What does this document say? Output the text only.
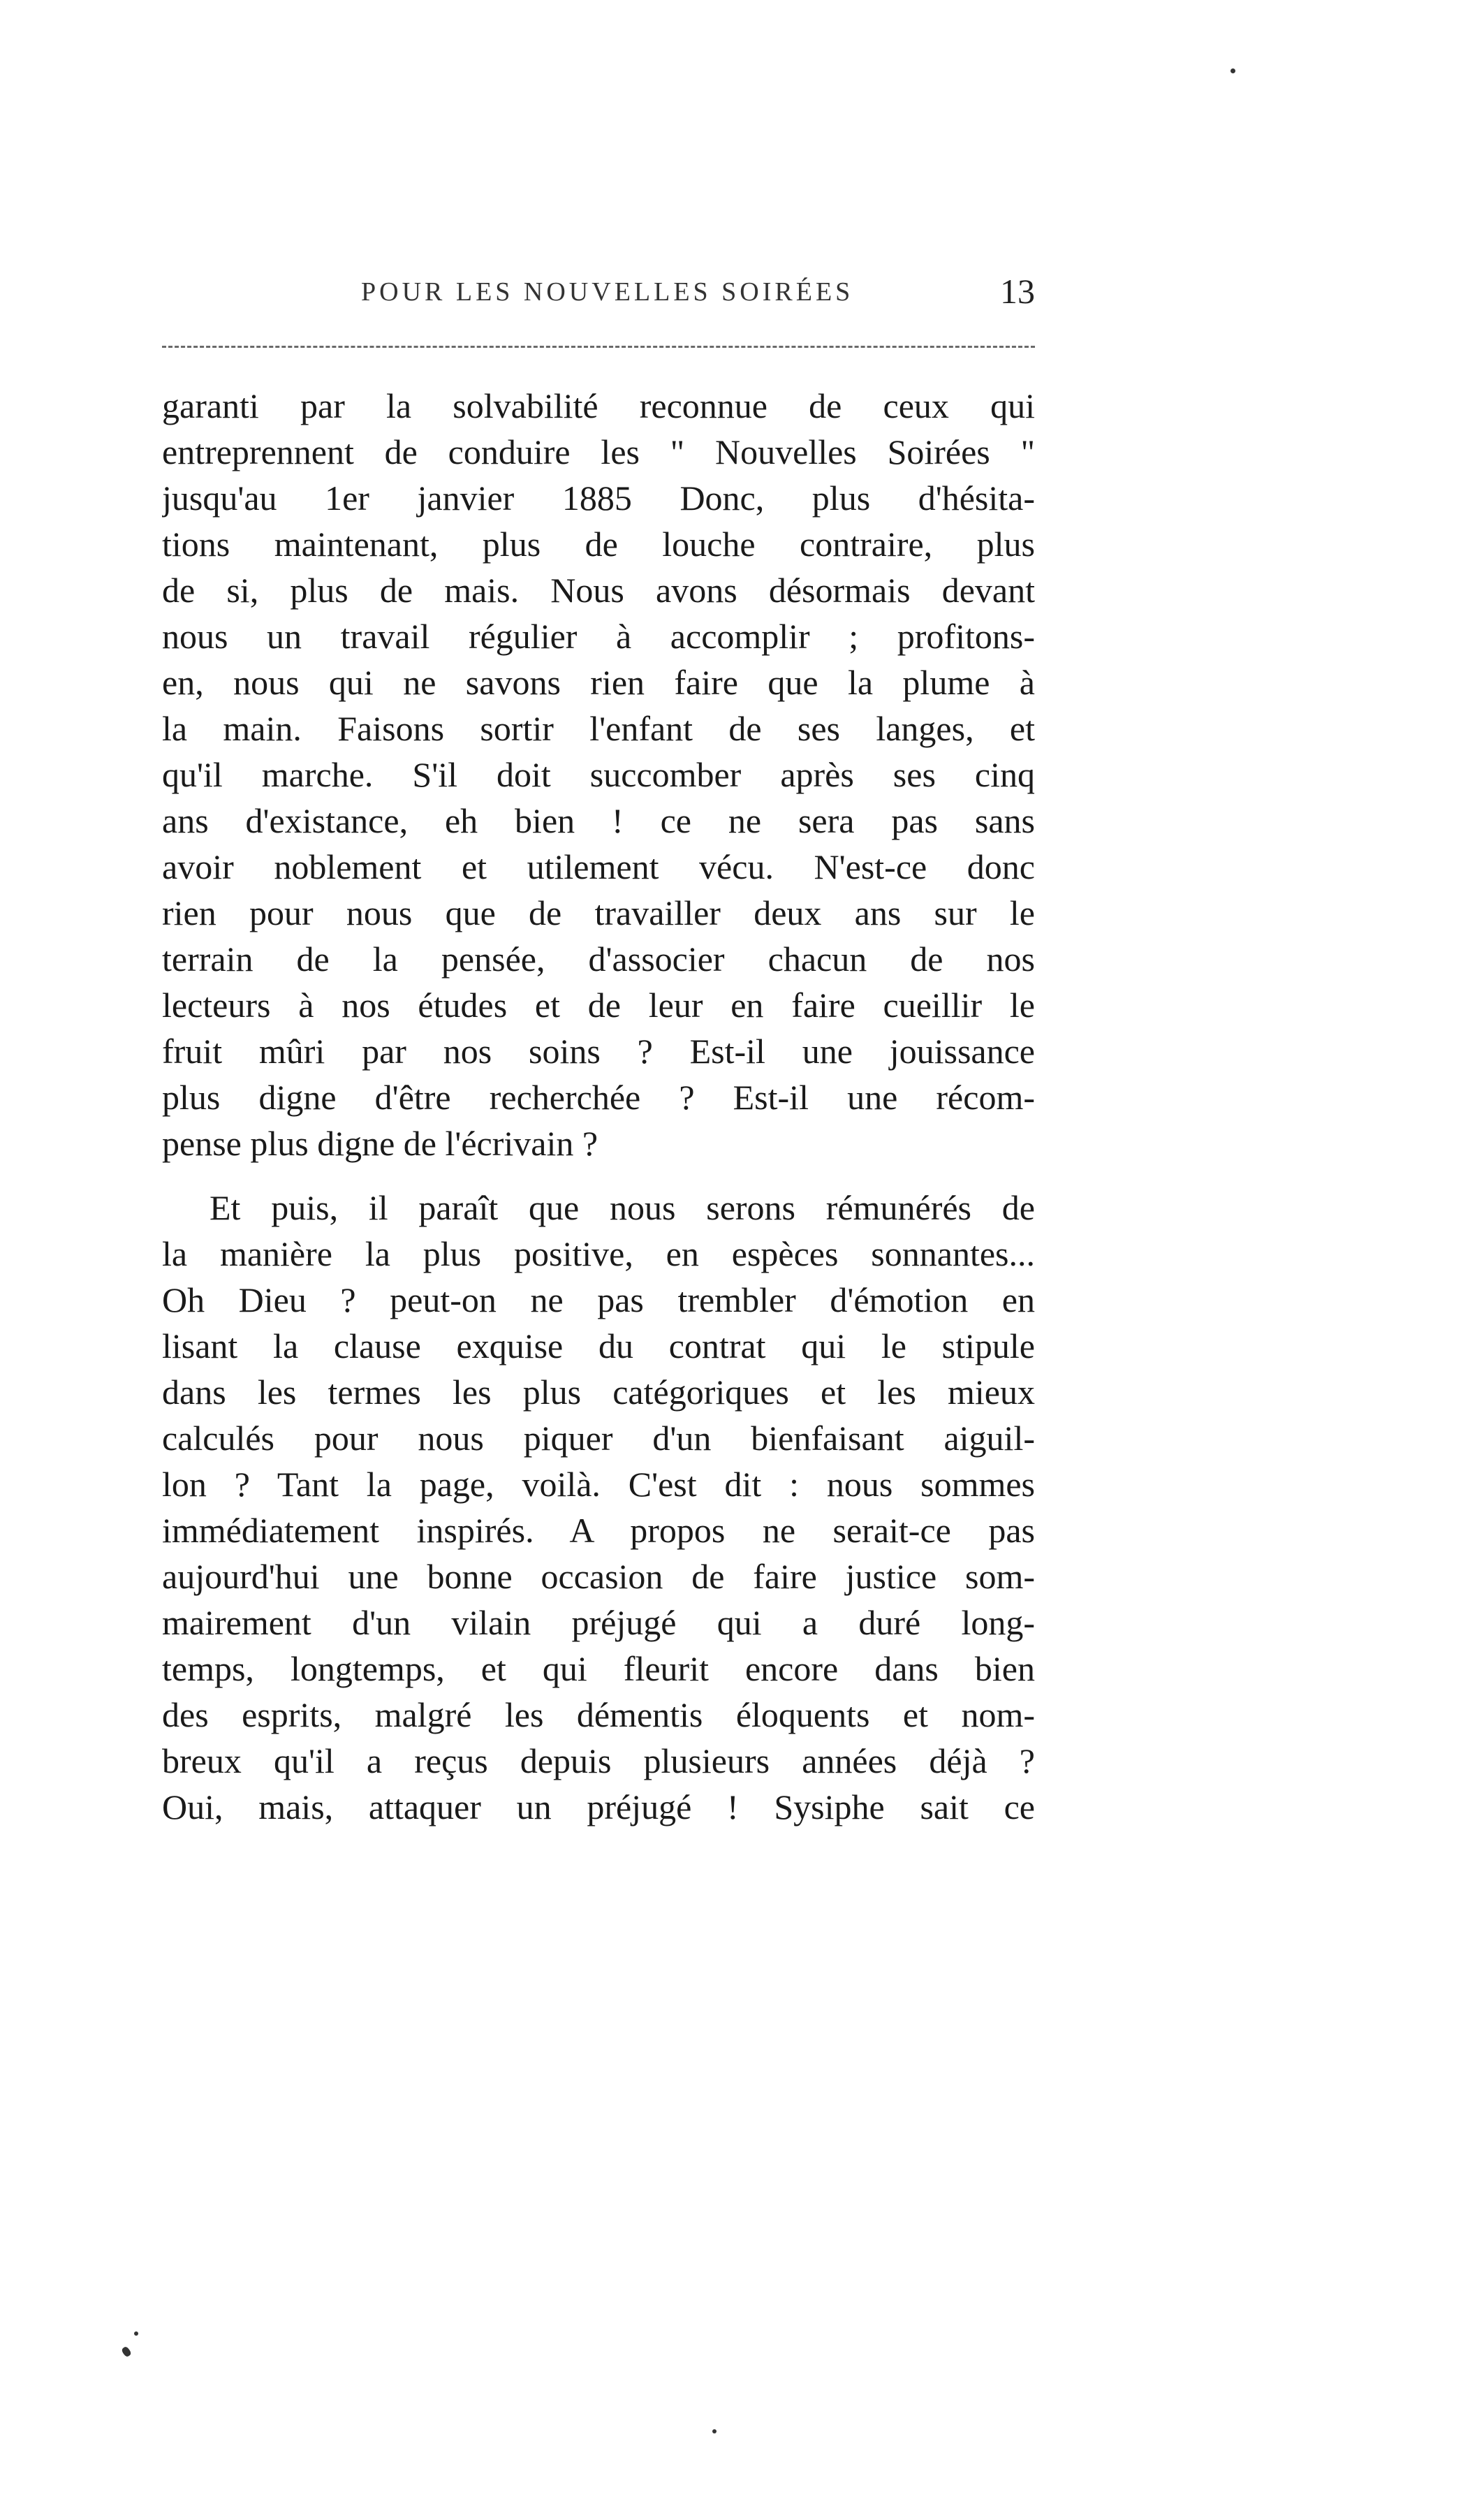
POUR LES NOUVELLES SOIRÉES	13
garanti par la solvabilité reconnue de ceux qui
entreprennent de conduire les " Nouvelles Soirées "
jusqu'au 1er janvier 1885 Donc, plus d'hésita-
tions maintenant, plus de louche contraire, plus
de si, plus de mais. Nous avons désormais devant
nous un travail régulier à accomplir ; profitons-
en, nous qui ne savons rien faire que la plume à
la main. Faisons sortir l'enfant de ses langes, et
qu'il marche. S'il doit succomber après ses cinq
ans d'existance, eh bien ! ce ne sera pas sans
avoir noblement et utilement vécu. N'est-ce donc
rien pour nous que de travailler deux ans sur le
terrain de la pensée, d'associer chacun de nos
lecteurs à nos études et de leur en faire cueillir le
fruit mûri par nos soins ? Est-il une jouissance
plus digne d'être recherchée ? Est-il une récom-
pense plus digne de l'écrivain ?
Et puis, il paraît que nous serons rémunérés de
la manière la plus positive, en espèces sonnantes...
Oh Dieu ? peut-on ne pas trembler d'émotion en
lisant la clause exquise du contrat qui le stipule
dans les termes les plus catégoriques et les mieux
calculés pour nous piquer d'un bienfaisant aiguil-
lon ? Tant la page, voilà. C'est dit : nous sommes
immédiatement inspirés. A propos ne serait-ce pas
aujourd'hui une bonne occasion de faire justice som-
mairement d'un vilain préjugé qui a duré long-
temps, longtemps, et qui fleurit encore dans bien
des esprits, malgré les démentis éloquents et nom-
breux qu'il a reçus depuis plusieurs années déjà ?
Oui, mais, attaquer un préjugé ! Sysiphe sait ce
